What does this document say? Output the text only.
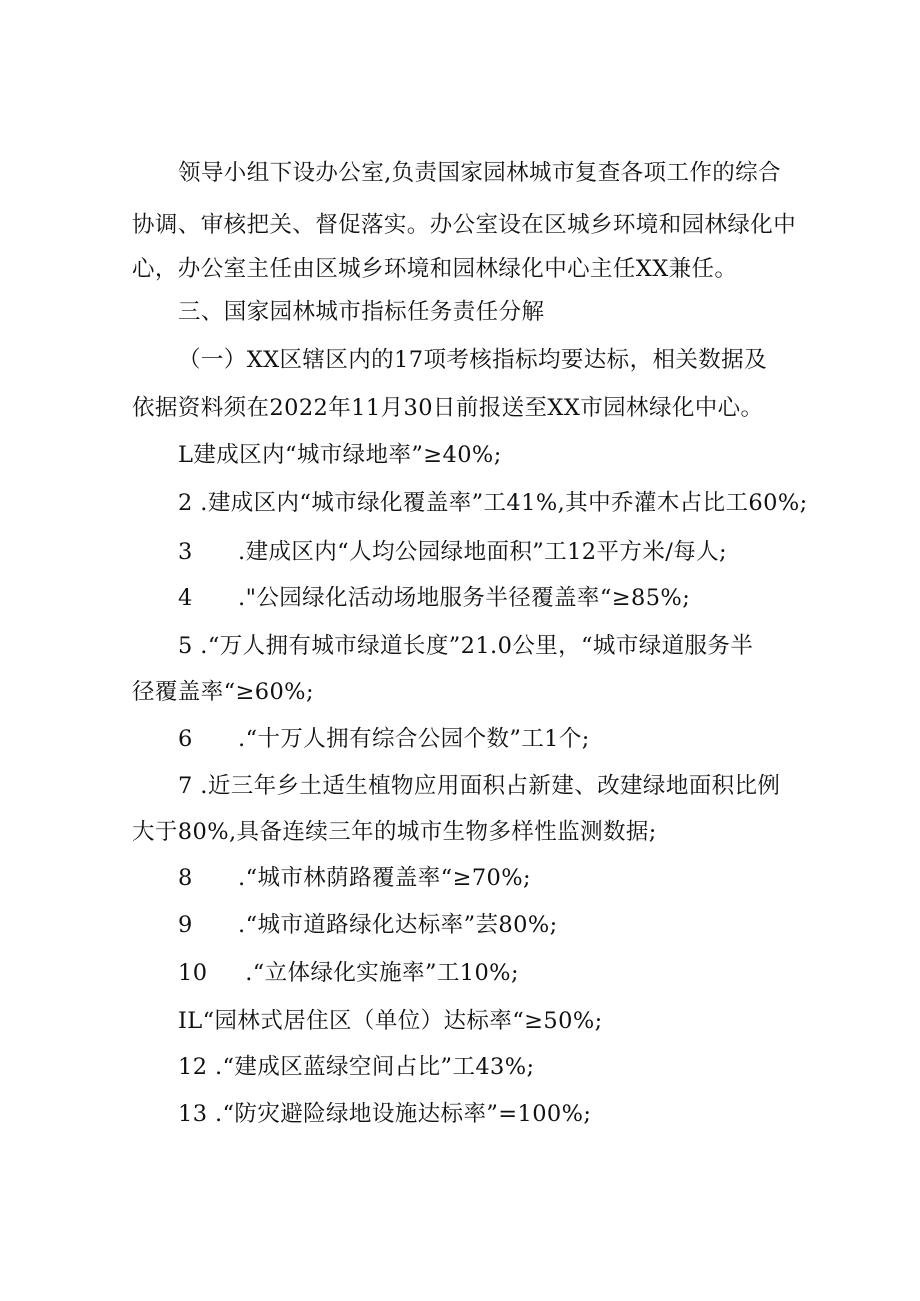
领导小组下设办公室,负责国家园林城市复查各项工作的综合
协调、审核把关、督促落实。办公室设在区城乡环境和园林绿化中
心，办公室主任由区城乡环境和园林绿化中心主任XX兼任。
三、国家园林城市指标任务责任分解
（一）XX区辖区内的17项考核指标均要达标，相关数据及
依据资料须在2022年11月30日前报送至XX市园林绿化中心。
L建成区内“城市绿地率”≥40%;
2 .建成区内“城市绿化覆盖率”工41%,其中乔灌木占比工60%;
3      .建成区内“人均公园绿地面积”工12平方米/每人;
4      ."公园绿化活动场地服务半径覆盖率“≥85%;
5 .“万人拥有城市绿道长度”21.0公里，“城市绿道服务半
径覆盖率“≥60%;
6      .“十万人拥有综合公园个数”工1个;
7 .近三年乡土适生植物应用面积占新建、改建绿地面积比例
大于80%,具备连续三年的城市生物多样性监测数据;
8      .“城市林荫路覆盖率“≥70%;
9      .“城市道路绿化达标率”芸80%;
10     .“立体绿化实施率”工10%;
IL“园林式居住区（单位）达标率“≥50%;
12 .“建成区蓝绿空间占比”工43%;
13 .“防灾避险绿地设施达标率”=100%;
